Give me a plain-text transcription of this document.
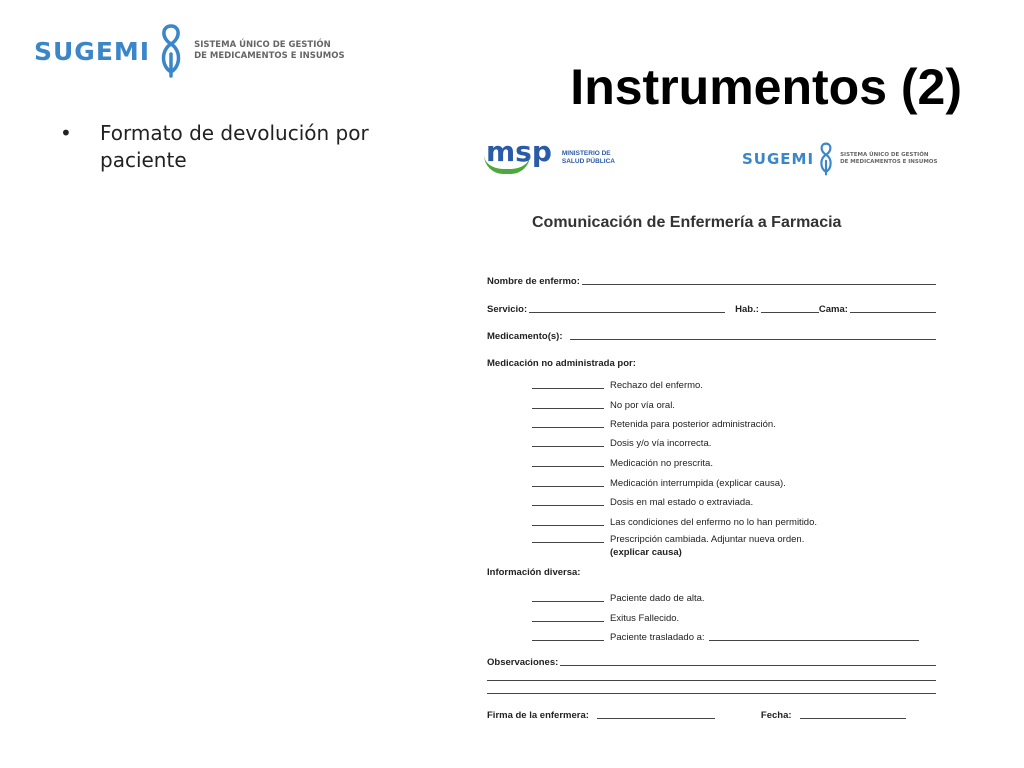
SUGEMI	SISTEMA ÚNICO DE GESTIÓN
DE MEDICAMENTOS E INSUMOS
Instrumentos (2)
•	Formato de devolución por paciente	msp MINISTERIO DE
SALUD PÚBLICA	SUGEMI	SISTEMA ÚNICO DE GESTIÓN
DE MEDICAMENTOS E INSUMOS
Comunicación de Enfermería a Farmacia
Nombre de enfermo:
Servicio:	Hab.:	Cama:
Medicamento(s):
Medicación no administrada por:
Rechazo del enfermo.
No por vía oral.
Retenida para posterior administración.
Dosis y/o vía incorrecta.
Medicación no prescrita.
Medicación interrumpida (explicar causa).
Dosis en mal estado o extraviada.
Las condiciones del enfermo no lo han permitido.
Prescripción cambiada. Adjuntar nueva orden.
(explicar causa)
Información diversa:
Paciente dado de alta.
Exitus Fallecido.
Paciente trasladado a:
Observaciones:
Firma de la enfermera:	Fecha:
